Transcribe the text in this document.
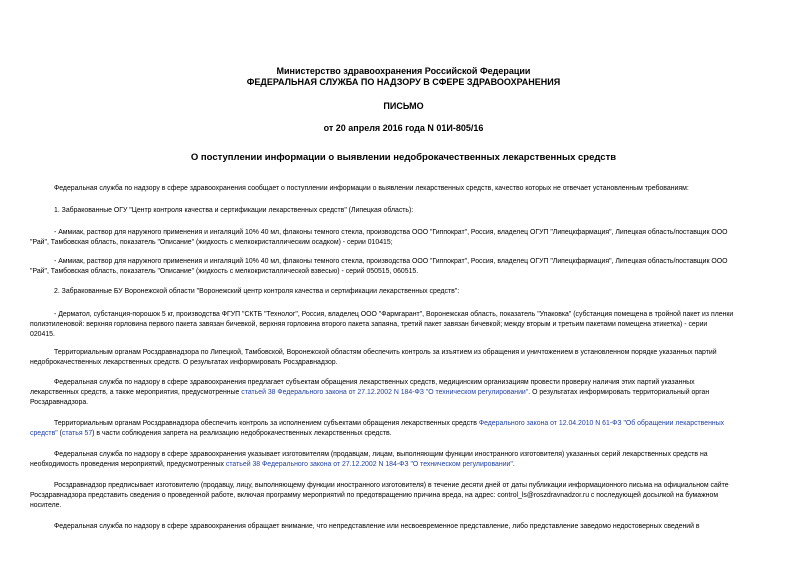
Министерство здравоохранения Российской Федерации
ФЕДЕРАЛЬНАЯ СЛУЖБА ПО НАДЗОРУ В СФЕРЕ ЗДРАВООХРАНЕНИЯ
ПИСЬМО
от 20 апреля 2016 года N 01И-805/16
О поступлении информации о выявлении недоброкачественных лекарственных средств
Федеральная служба по надзору в сфере здравоохранения сообщает о поступлении информации о выявлении лекарственных средств, качество которых не отвечает установленным требованиям:
1. Забракованные ОГУ "Центр контроля качества и сертификации лекарственных средств" (Липецкая область):
- Аммиак, раствор для наружного применения и ингаляций 10% 40 мл, флаконы темного стекла, производства ООО "Гиппократ", Россия, владелец ОГУП "Липецкфармация", Липецкая область/поставщик ООО
"Рай", Тамбовская область, показатель "Описание" (жидкость с мелкокристаллическим осадком) - серии 010415;
- Аммиак, раствор для наружного применения и ингаляций 10% 40 мл, флаконы темного стекла, производства ООО "Гиппократ", Россия, владелец ОГУП "Липецкфармация", Липецкая область/поставщик ООО
"Рай", Тамбовская область, показатель "Описание" (жидкость с мелкокристаллической взвесью) - серий 050515, 060515.
2. Забракованные БУ Воронежской области "Воронежский центр контроля качества и сертификации лекарственных средств":
- Дерматол, субстанция-порошок 5 кг, производства ФГУП "СКТБ "Технолог", Россия, владелец ООО "Фармгарант", Воронежская область, показатель "Упаковка" (субстанция помещена в тройной пакет из пленки
полиэтиленовой: верхняя горловина первого пакета завязан бичевкой, верхняя горловина второго пакета запаяна, третий пакет завязан бичевкой; между вторым и третьим пакетами помещена этикетка) - серии
020415.
Территориальным органам Росздравнадзора по Липецкой, Тамбовской, Воронежской областям обеспечить контроль за изъятием из обращения и уничтожением в установленном порядке указанных партий
недоброкачественных лекарственных средств. О результатах информировать Росздравнадзор.
Федеральная служба по надзору в сфере здравоохранения предлагает субъектам обращения лекарственных средств, медицинским организациям провести проверку наличия этих партий указанных
лекарственных средств, а также мероприятия, предусмотренные статьей 38 Федерального закона от 27.12.2002 N 184-ФЗ "О техническом регулировании". О результатах информировать территориальный орган
Росздравнадзора.
Территориальным органам Росздравнадзора обеспечить контроль за исполнением субъектами обращения лекарственных средств Федерального закона от 12.04.2010 N 61-ФЗ "Об обращении лекарственных
средств" (статья 57) в части соблюдения запрета на реализацию недоброкачественных лекарственных средств.
Федеральная служба по надзору в сфере здравоохранения указывает изготовителям (продавцам, лицам, выполняющим функции иностранного изготовителя) указанных серий лекарственных средств на
необходимость проведения мероприятий, предусмотренных статьей 38 Федерального закона от 27.12.2002 N 184-ФЗ "О техническом регулировании".
Росздравнадзор предписывает изготовителю (продавцу, лицу, выполняющему функции иностранного изготовителя) в течение десяти дней от даты публикации информационного письма на официальном сайте
Росздравнадзора представить сведения о проведенной работе, включая программу мероприятий по предотвращению причина вреда, на адрес: control_ls@roszdravnadzor.ru с последующей досылкой на бумажном
носителе.
Федеральная служба по надзору в сфере здравоохранения обращает внимание, что непредставление или несвоевременное представление, либо представление заведомо недостоверных сведений в
